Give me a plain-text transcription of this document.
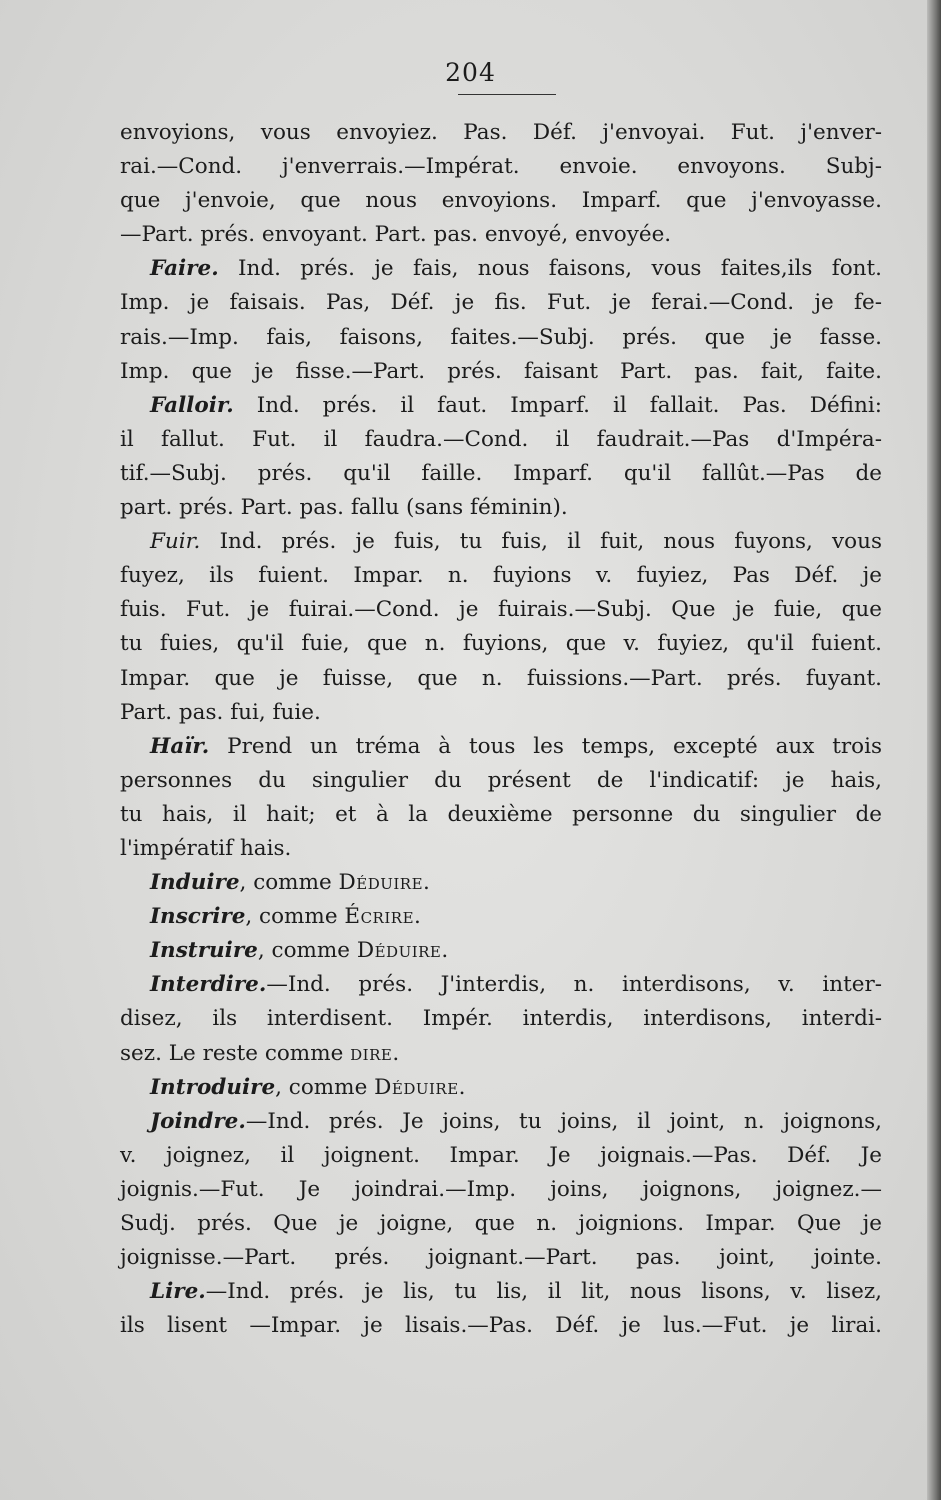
204
envoyions, vous envoyiez. Pas. Déf. j'envoyai. Fut. j'enver-
rai.—Cond. j'enverrais.—Impérat. envoie. envoyons. Subj-
que j'envoie, que nous envoyions. Imparf. que j'envoyasse.
—Part. prés. envoyant. Part. pas. envoyé, envoyée.
Faire. Ind. prés. je fais, nous faisons, vous faites,ils font.
Imp. je faisais. Pas, Déf. je fis. Fut. je ferai.—Cond. je fe-
rais.—Imp. fais, faisons, faites.—Subj. prés. que je fasse.
Imp. que je fisse.—Part. prés. faisant Part. pas. fait, faite.
Falloir. Ind. prés. il faut. Imparf. il fallait. Pas. Défini:
il fallut. Fut. il faudra.—Cond. il faudrait.—Pas d'Impéra-
tif.—Subj. prés. qu'il faille. Imparf. qu'il fallût.—Pas de
part. prés. Part. pas. fallu (sans féminin).
Fuir. Ind. prés. je fuis, tu fuis, il fuit, nous fuyons, vous
fuyez, ils fuient. Impar. n. fuyions v. fuyiez, Pas Déf. je
fuis. Fut. je fuirai.—Cond. je fuirais.—Subj. Que je fuie, que
tu fuies, qu'il fuie, que n. fuyions, que v. fuyiez, qu'il fuient.
Impar. que je fuisse, que n. fuissions.—Part. prés. fuyant.
Part. pas. fui, fuie.
Haïr. Prend un tréma à tous les temps, excepté aux trois
personnes du singulier du présent de l'indicatif: je hais,
tu hais, il hait; et à la deuxième personne du singulier de
l'impératif hais.
Induire, comme Déduire.
Inscrire, comme Écrire.
Instruire, comme Déduire.
Interdire.—Ind. prés. J'interdis, n. interdisons, v. inter-
disez, ils interdisent. Impér. interdis, interdisons, interdi-
sez. Le reste comme dire.
Introduire, comme Déduire.
Joindre.—Ind. prés. Je joins, tu joins, il joint, n. joignons,
v. joignez, il joignent. Impar. Je joignais.—Pas. Déf. Je
joignis.—Fut. Je joindrai.—Imp. joins, joignons, joignez.—
Sudj. prés. Que je joigne, que n. joignions. Impar. Que je
joignisse.—Part. prés. joignant.—Part. pas. joint, jointe.
Lire.—Ind. prés. je lis, tu lis, il lit, nous lisons, v. lisez,
ils lisent —Impar. je lisais.—Pas. Déf. je lus.—Fut. je lirai.
